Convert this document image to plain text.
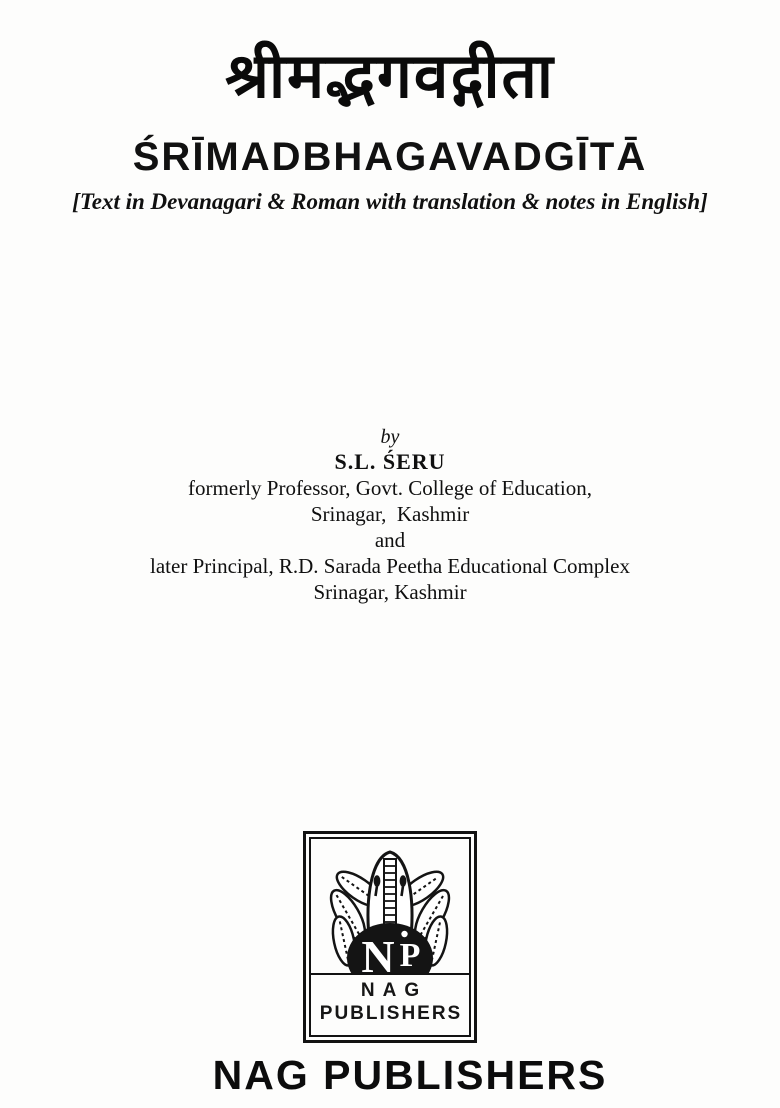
श्रीमद्भगवद्गीता
ŚRĪMADBHAGAVADGĪTĀ

[Text in Devanagari & Roman with translation & notes in English]

by
S.L. ŚERU
formerly Professor, Govt. College of Education,
Srinagar,  Kashmir
and
later Principal, R.D. Sarada Peetha Educational Complex
Srinagar, Kashmir
N P
NAG
PUBLISHERS
NAG PUBLISHERS
